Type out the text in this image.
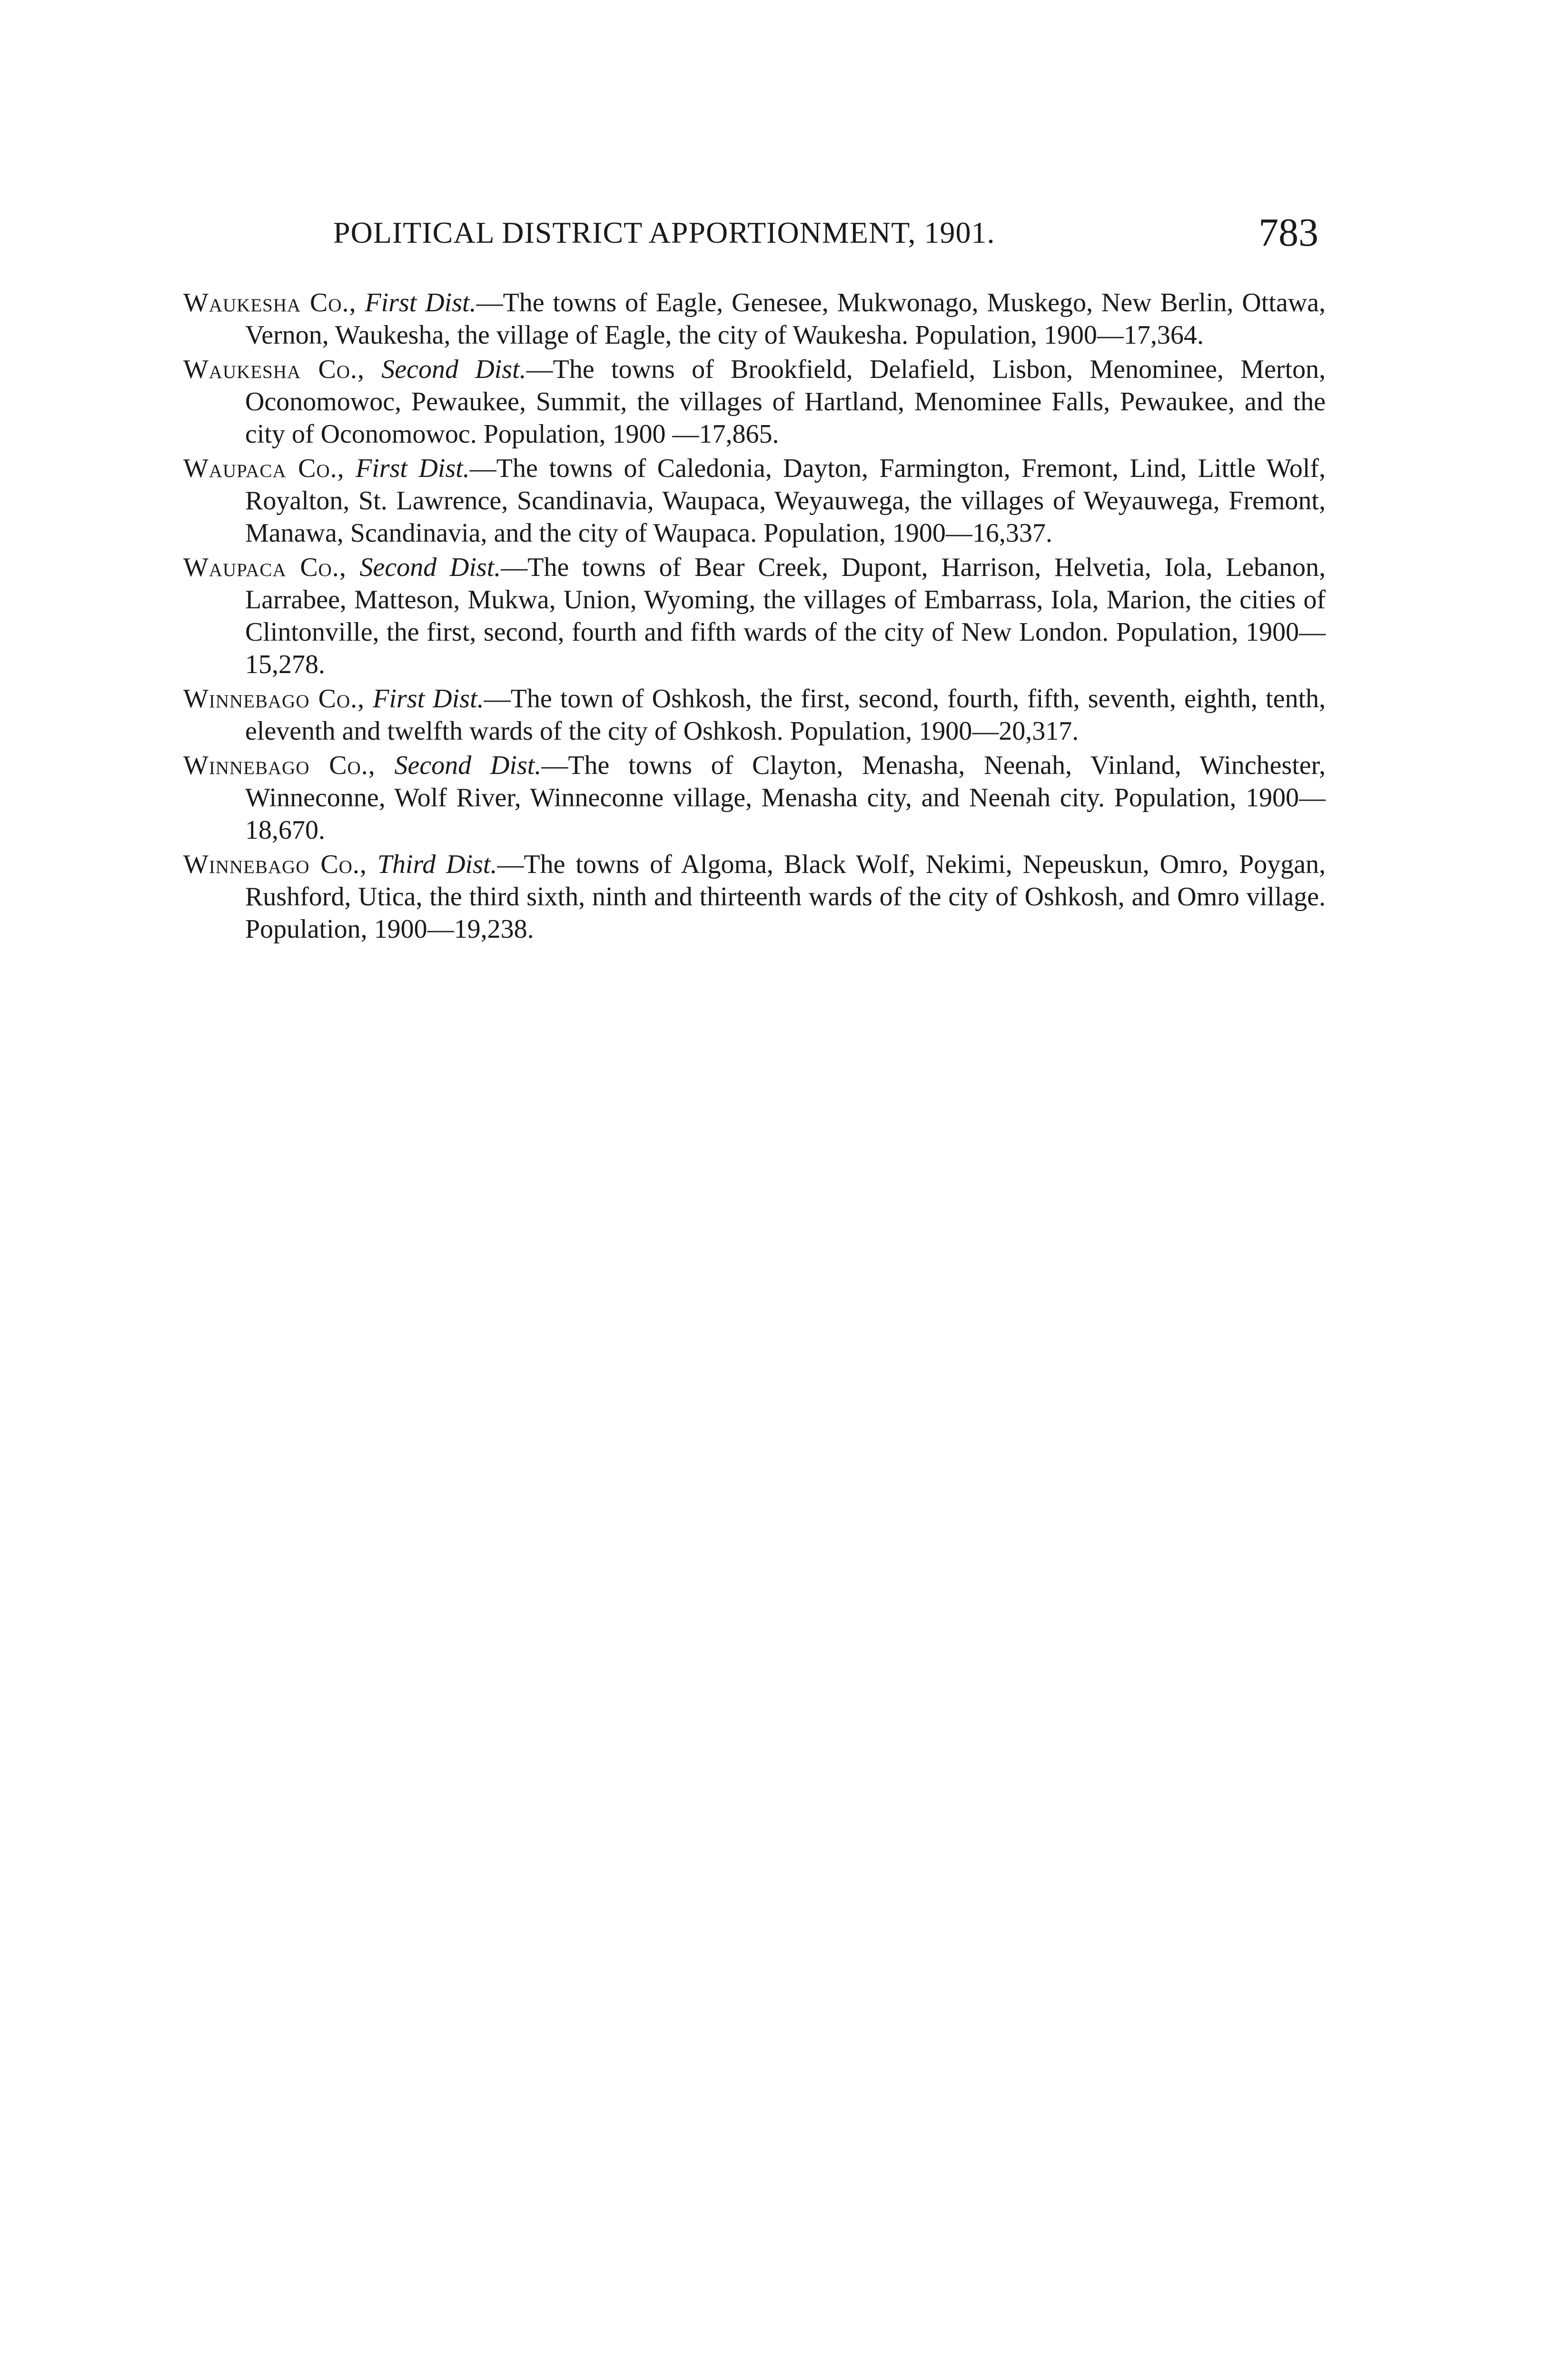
POLITICAL DISTRICT APPORTIONMENT, 1901.	783

Waukesha Co., First Dist.—The towns of Eagle, Genesee, Mukwonago, Muskego, New Berlin, Ottawa, Vernon, Waukesha, the village of Eagle, the city of Waukesha. Population, 1900—17,364.

Waukesha Co., Second Dist.—The towns of Brookfield, Delafield, Lisbon, Menominee, Merton, Oconomowoc, Pewaukee, Summit, the villages of Hartland, Menominee Falls, Pewaukee, and the city of Oconomowoc. Population, 1900 —17,865.

Waupaca Co., First Dist.—The towns of Caledonia, Dayton, Farmington, Fremont, Lind, Little Wolf, Royalton, St. Lawrence, Scandinavia, Waupaca, Weyauwega, the villages of Weyauwega, Fremont, Manawa, Scandinavia, and the city of Waupaca. Population, 1900—16,337.

Waupaca Co., Second Dist.—The towns of Bear Creek, Dupont, Harrison, Helvetia, Iola, Lebanon, Larrabee, Matteson, Mukwa, Union, Wyoming, the villages of Embarrass, Iola, Marion, the cities of Clintonville, the first, second, fourth and fifth wards of the city of New London. Population, 1900—15,278.

Winnebago Co., First Dist.—The town of Oshkosh, the first, second, fourth, fifth, seventh, eighth, tenth, eleventh and twelfth wards of the city of Oshkosh. Population, 1900—20,317.

Winnebago Co., Second Dist.—The towns of Clayton, Menasha, Neenah, Vinland, Winchester, Winneconne, Wolf River, Winneconne village, Menasha city, and Neenah city. Population, 1900—18,670.

Winnebago Co., Third Dist.—The towns of Algoma, Black Wolf, Nekimi, Nepeuskun, Omro, Poygan, Rushford, Utica, the third sixth, ninth and thirteenth wards of the city of Oshkosh, and Omro village. Population, 1900—19,238.
